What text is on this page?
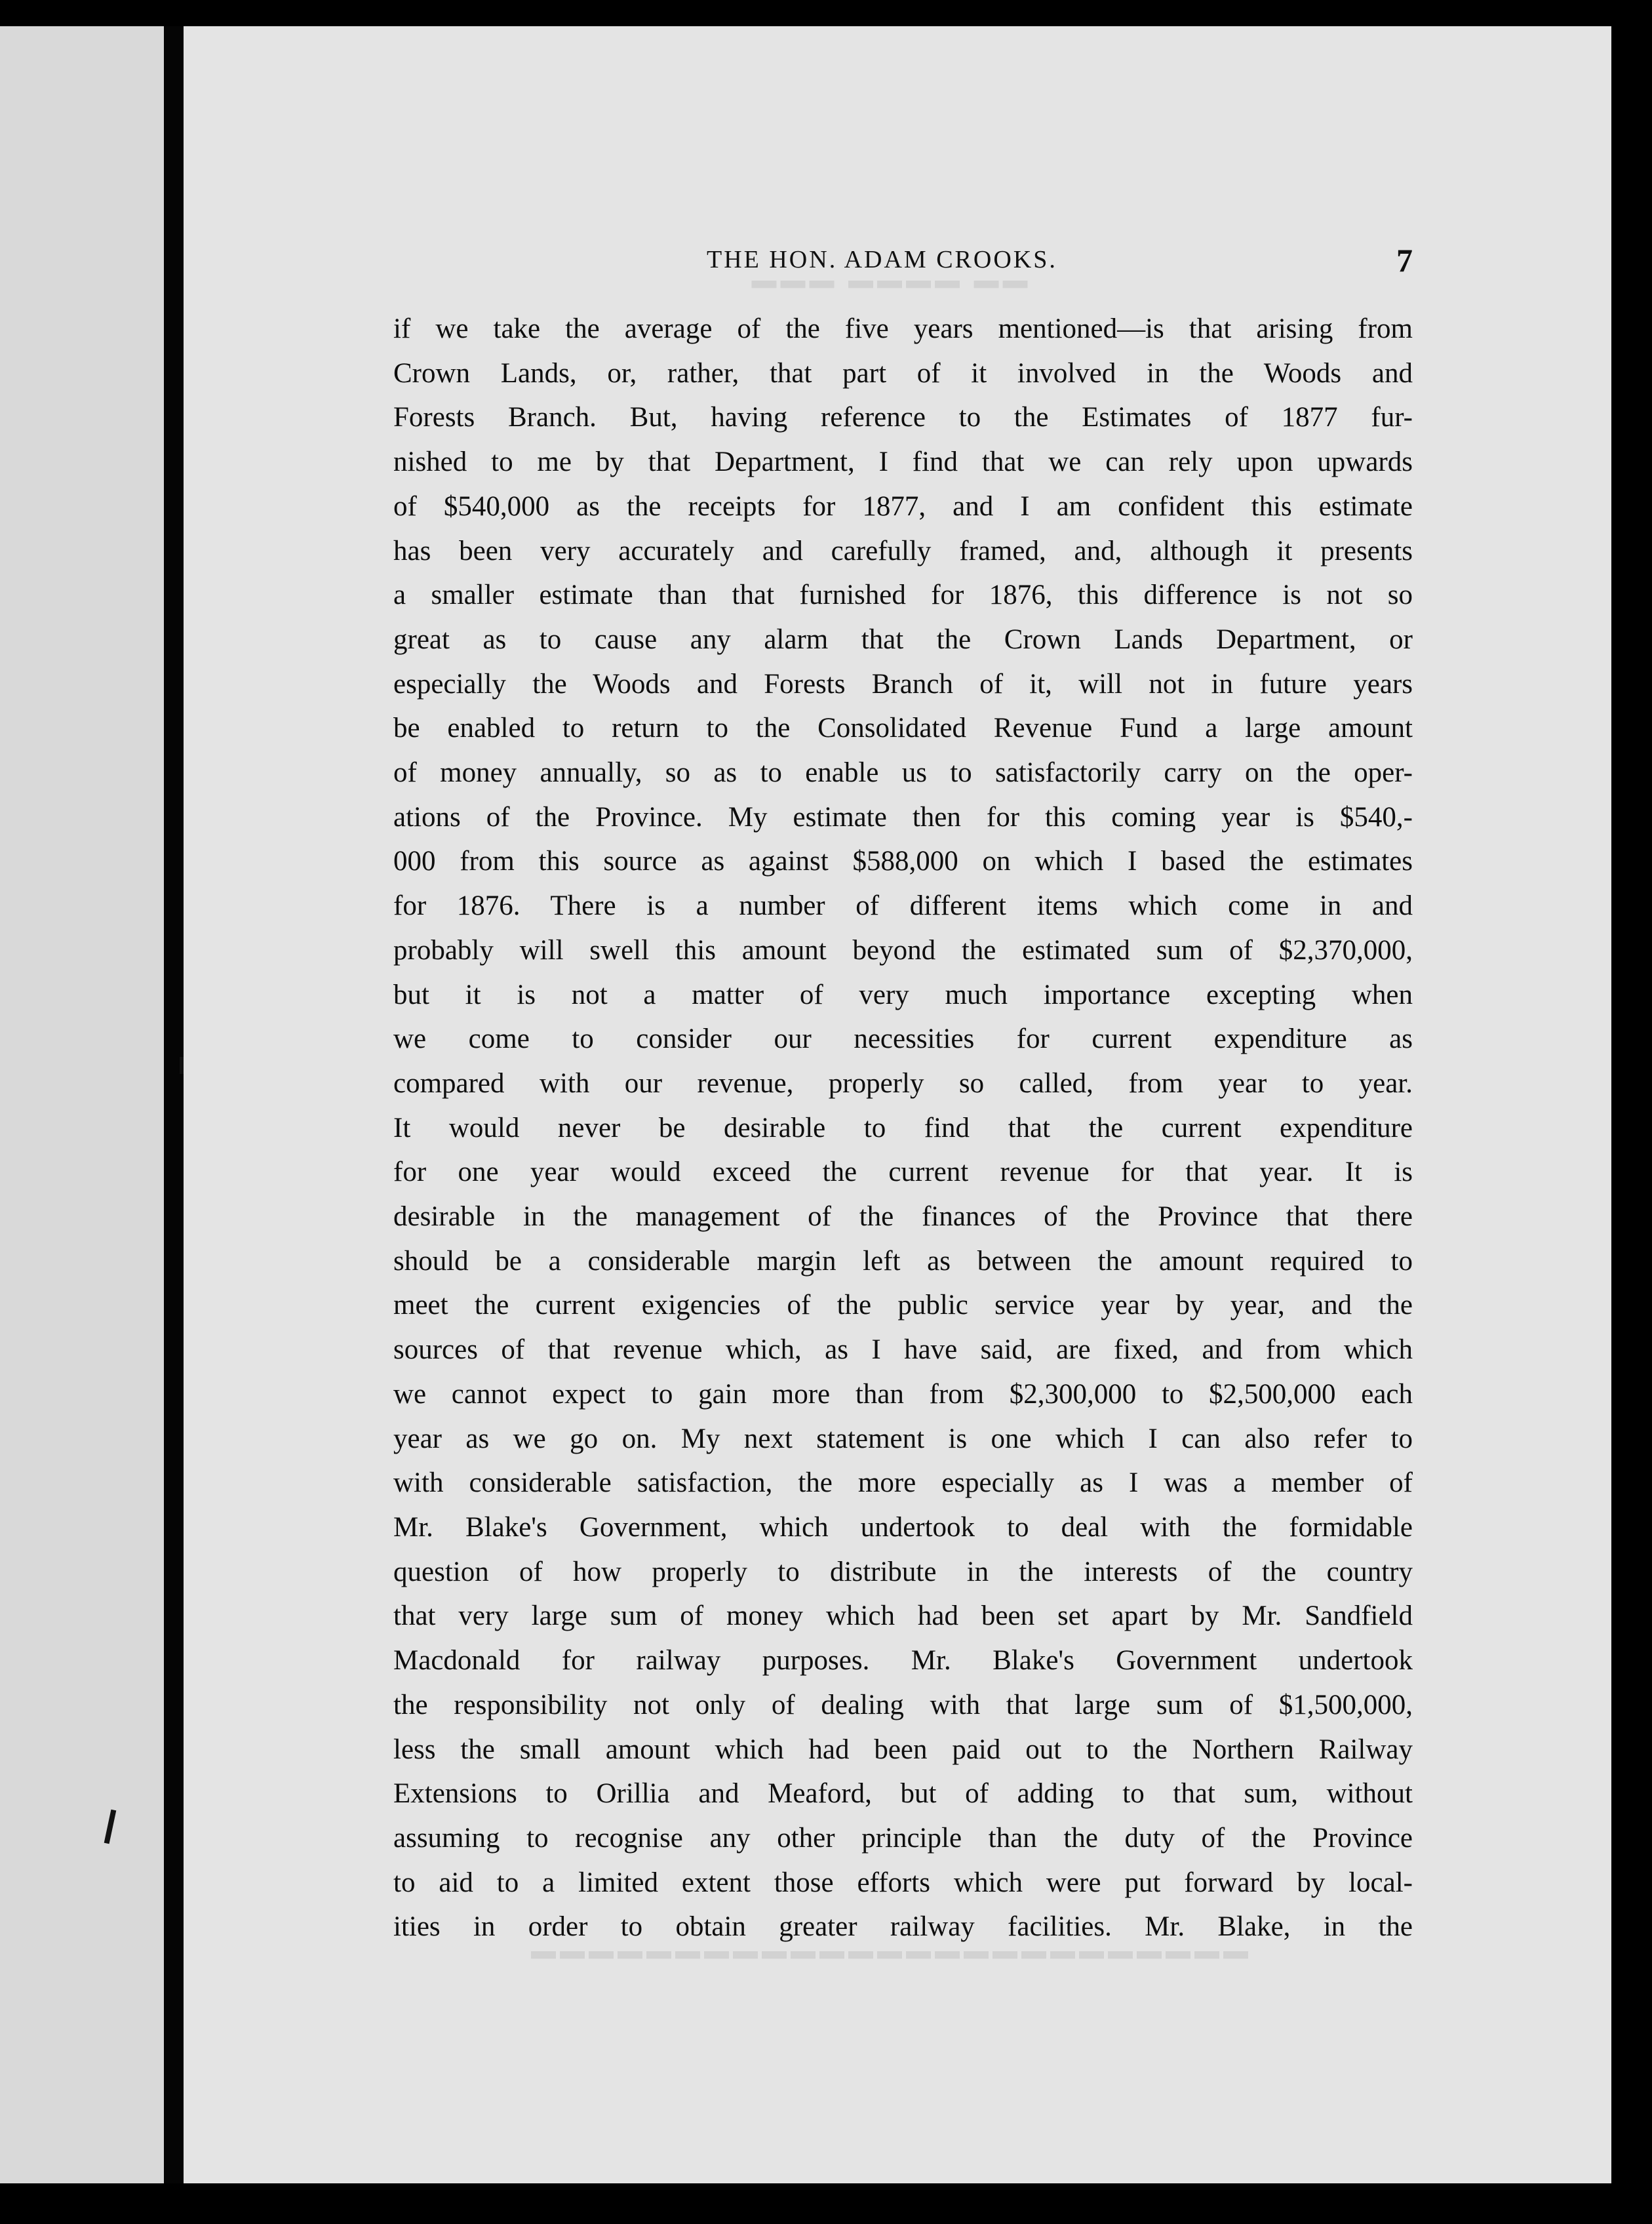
▬▬▬ ▬▬▬▬ ▬▬
▬▬▬▬▬▬▬▬▬▬▬▬▬▬▬▬▬▬▬▬▬▬▬▬▬
THE HON. ADAM CROOKS.	7
if we take the average of the five years mentioned—is that arising from
Crown Lands, or, rather, that part of it involved in the Woods and
Forests Branch. But, having reference to the Estimates of 1877 fur-
nished to me by that Department, I find that we can rely upon upwards
of $540,000 as the receipts for 1877, and I am confident this estimate
has been very accurately and carefully framed, and, although it presents
a smaller estimate than that furnished for 1876, this difference is not so
great as to cause any alarm that the Crown Lands Department, or
especially the Woods and Forests Branch of it, will not in future years
be enabled to return to the Consolidated Revenue Fund a large amount
of money annually, so as to enable us to satisfactorily carry on the oper-
ations of the Province. My estimate then for this coming year is $540,-
000 from this source as against $588,000 on which I based the estimates
for 1876. There is a number of different items which come in and
probably will swell this amount beyond the estimated sum of $2,370,000,
but it is not a matter of very much importance excepting when
we come to consider our necessities for current expenditure as
compared with our revenue, properly so called, from year to year.
It would never be desirable to find that the current expenditure
for one year would exceed the current revenue for that year. It is
desirable in the management of the finances of the Province that there
should be a considerable margin left as between the amount required to
meet the current exigencies of the public service year by year, and the
sources of that revenue which, as I have said, are fixed, and from which
we cannot expect to gain more than from $2,300,000 to $2,500,000 each
year as we go on. My next statement is one which I can also refer to
with considerable satisfaction, the more especially as I was a member of
Mr. Blake's Government, which undertook to deal with the formidable
question of how properly to distribute in the interests of the country
that very large sum of money which had been set apart by Mr. Sandfield
Macdonald for railway purposes. Mr. Blake's Government undertook
the responsibility not only of dealing with that large sum of $1,500,000,
less the small amount which had been paid out to the Northern Railway
Extensions to Orillia and Meaford, but of adding to that sum, without
assuming to recognise any other principle than the duty of the Province
to aid to a limited extent those efforts which were put forward by local-
ities in order to obtain greater railway facilities. Mr. Blake, in the
